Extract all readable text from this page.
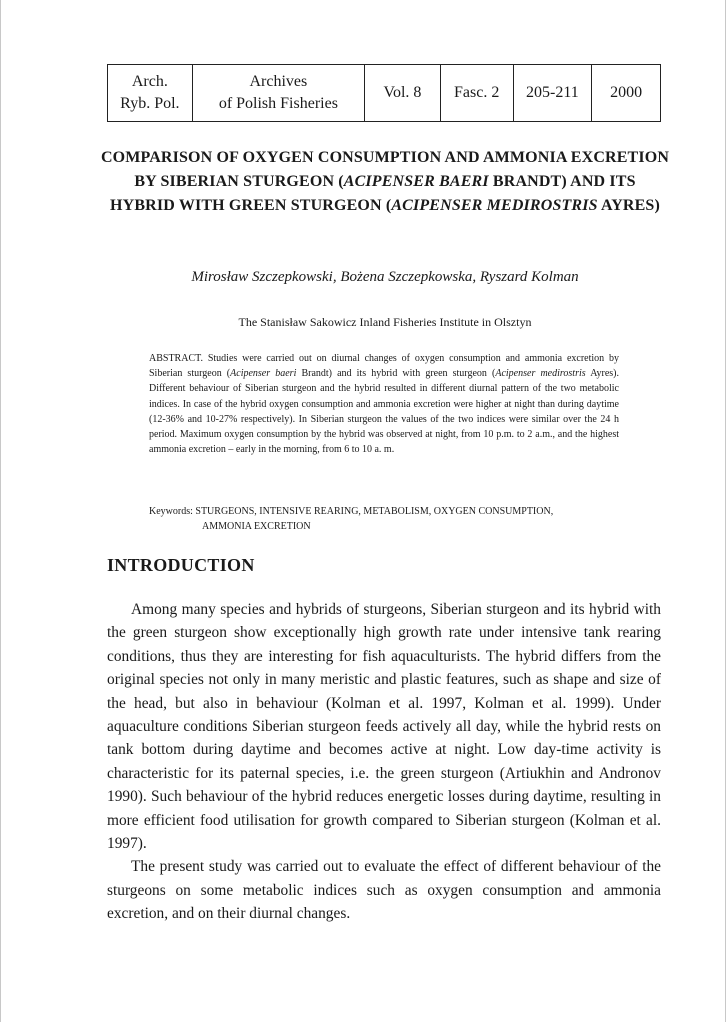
Arch.
Ryb. Pol.
Archives
of Polish Fisheries
Vol. 8 Fasc. 2 205-211 2000
COMPARISON OF OXYGEN CONSUMPTION AND AMMONIA EXCRETION BY SIBERIAN STURGEON (ACIPENSER BAERI BRANDT) AND ITS HYBRID WITH GREEN STURGEON (ACIPENSER MEDIROSTRIS AYRES)
Mirosław Szczepkowski, Bożena Szczepkowska, Ryszard Kolman
The Stanisław Sakowicz Inland Fisheries Institute in Olsztyn
ABSTRACT. Studies were carried out on diurnal changes of oxygen consumption and ammonia excretion by Siberian sturgeon (Acipenser baeri Brandt) and its hybrid with green sturgeon (Acipenser medirostris Ayres). Different behaviour of Siberian sturgeon and the hybrid resulted in different diurnal pattern of the two metabolic indices. In case of the hybrid oxygen consumption and ammonia excretion were higher at night than during daytime (12-36% and 10-27% respectively). In Siberian sturgeon the values of the two indices were similar over the 24 h period. Maximum oxygen consumption by the hybrid was observed at night, from 10 p.m. to 2 a.m., and the highest ammonia excretion – early in the morning, from 6 to 10 a. m.
Keywords: STURGEONS, INTENSIVE REARING, METABOLISM, OXYGEN CONSUMPTION,
AMMONIA EXCRETION
INTRODUCTION

Among many species and hybrids of sturgeons, Siberian sturgeon and its hybrid with the green sturgeon show exceptionally high growth rate under intensive tank rearing conditions, thus they are interesting for fish aquaculturists. The hybrid differs from the original species not only in many meristic and plastic features, such as shape and size of the head, but also in behaviour (Kolman et al. 1997, Kolman et al. 1999). Under aquaculture conditions Siberian sturgeon feeds actively all day, while the hybrid rests on tank bottom during daytime and becomes active at night. Low day-time activity is characteristic for its paternal species, i.e. the green sturgeon (Artiukhin and Andronov 1990). Such behaviour of the hybrid reduces energetic losses during daytime, resulting in more efficient food utilisation for growth compared to Siberian sturgeon (Kolman et al. 1997).

The present study was carried out to evaluate the effect of different behaviour of the sturgeons on some metabolic indices such as oxygen consumption and ammonia excretion, and on their diurnal changes.
